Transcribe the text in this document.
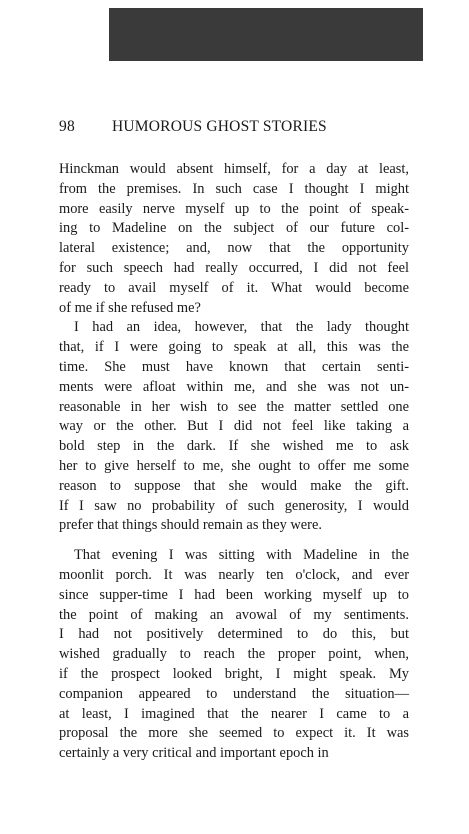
98 HUMOROUS GHOST STORIES
Hinckman would absent himself, for a day at least,
from the premises. In such case I thought I might
more easily nerve myself up to the point of speak-
ing to Madeline on the subject of our future col-
lateral existence; and, now that the opportunity
for such speech had really occurred, I did not feel
ready to avail myself of it. What would become
of me if she refused me?
I had an idea, however, that the lady thought
that, if I were going to speak at all, this was the
time. She must have known that certain senti-
ments were afloat within me, and she was not un-
reasonable in her wish to see the matter settled one
way or the other. But I did not feel like taking a
bold step in the dark. If she wished me to ask
her to give herself to me, she ought to offer me some
reason to suppose that she would make the gift.
If I saw no probability of such generosity, I would
prefer that things should remain as they were.
That evening I was sitting with Madeline in the
moonlit porch. It was nearly ten o'clock, and ever
since supper-time I had been working myself up to
the point of making an avowal of my sentiments.
I had not positively determined to do this, but
wished gradually to reach the proper point, when,
if the prospect looked bright, I might speak. My
companion appeared to understand the situation—
at least, I imagined that the nearer I came to a
proposal the more she seemed to expect it. It was
certainly a very critical and important epoch in
